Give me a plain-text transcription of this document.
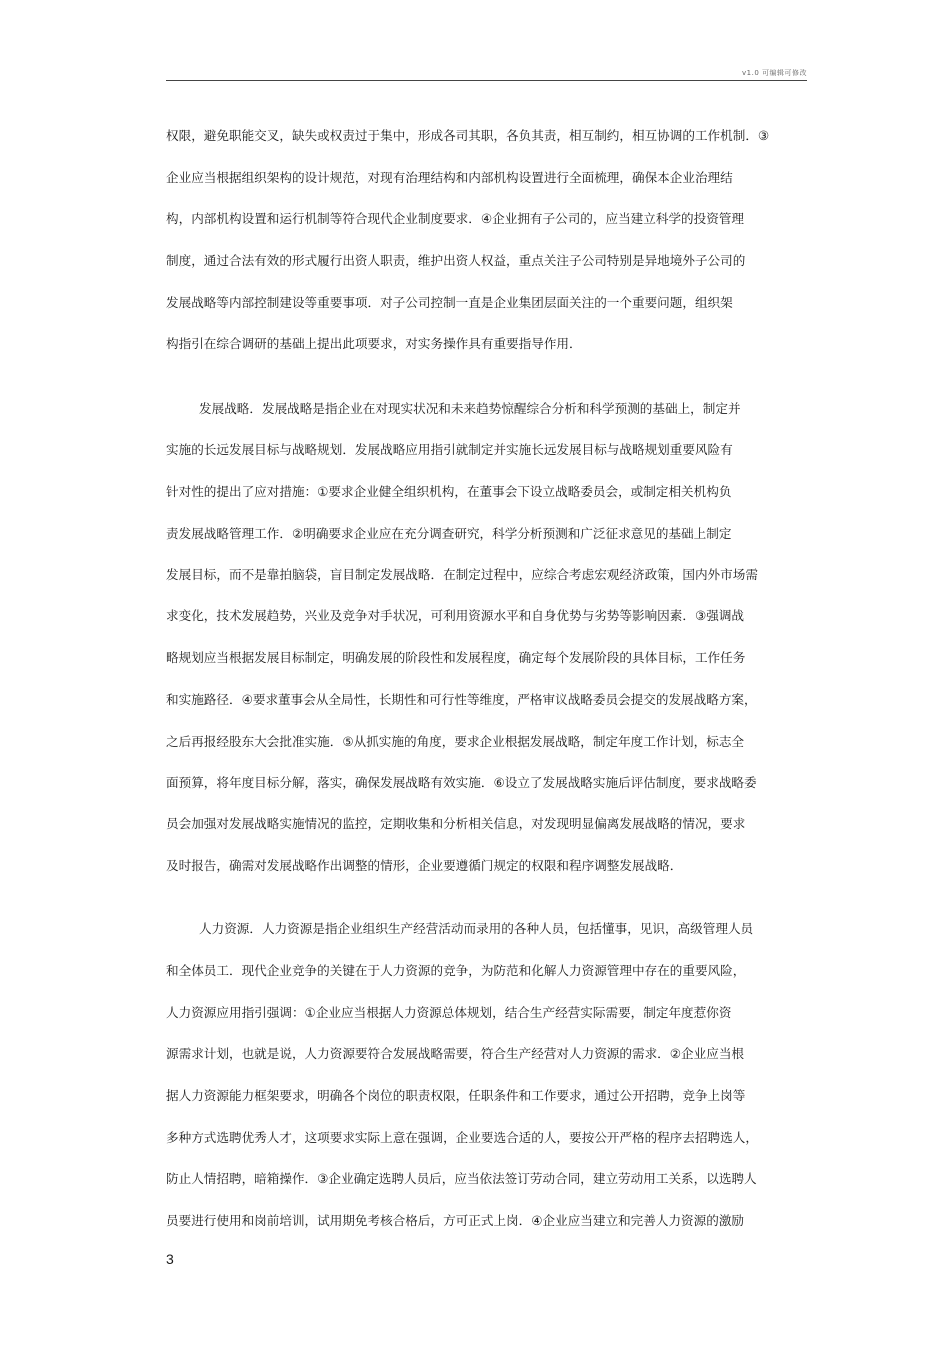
v1.0 可编辑可修改
权限，避免职能交叉，缺失或权责过于集中，形成各司其职，各负其责，相互制约，相互协调的工作机制．③
企业应当根据组织架构的设计规范，对现有治理结构和内部机构设置进行全面梳理，确保本企业治理结
构，内部机构设置和运行机制等符合现代企业制度要求．④企业拥有子公司的，应当建立科学的投资管理
制度，通过合法有效的形式履行出资人职责，维护出资人权益，重点关注子公司特别是异地境外子公司的
发展战略等内部控制建设等重要事项．对子公司控制一直是企业集团层面关注的一个重要问题，组织架
构指引在综合调研的基础上提出此项要求，对实务操作具有重要指导作用．
发展战略．发展战略是指企业在对现实状况和未来趋势惊醒综合分析和科学预测的基础上，制定并
实施的长远发展目标与战略规划．发展战略应用指引就制定并实施长远发展目标与战略规划重要风险有
针对性的提出了应对措施：①要求企业健全组织机构，在董事会下设立战略委员会，或制定相关机构负
责发展战略管理工作．②明确要求企业应在充分调查研究，科学分析预测和广泛征求意见的基础上制定
发展目标，而不是靠拍脑袋，盲目制定发展战略．在制定过程中，应综合考虑宏观经济政策，国内外市场需
求变化，技术发展趋势，兴业及竞争对手状况，可利用资源水平和自身优势与劣势等影响因素．③强调战
略规划应当根据发展目标制定，明确发展的阶段性和发展程度，确定每个发展阶段的具体目标，工作任务
和实施路径．④要求董事会从全局性，长期性和可行性等维度，严格审议战略委员会提交的发展战略方案，
之后再报经股东大会批准实施．⑤从抓实施的角度，要求企业根据发展战略，制定年度工作计划，标志全
面预算，将年度目标分解，落实，确保发展战略有效实施．⑥设立了发展战略实施后评估制度，要求战略委
员会加强对发展战略实施情况的监控，定期收集和分析相关信息，对发现明显偏离发展战略的情况，要求
及时报告，确需对发展战略作出调整的情形，企业要遵循门规定的权限和程序调整发展战略．
人力资源．人力资源是指企业组织生产经营活动而录用的各种人员，包括懂事，见识，高级管理人员
和全体员工．现代企业竞争的关键在于人力资源的竞争，为防范和化解人力资源管理中存在的重要风险，
人力资源应用指引强调：①企业应当根据人力资源总体规划，结合生产经营实际需要，制定年度惹你资
源需求计划，也就是说，人力资源要符合发展战略需要，符合生产经营对人力资源的需求．②企业应当根
据人力资源能力框架要求，明确各个岗位的职责权限，任职条件和工作要求，通过公开招聘，竞争上岗等
多种方式选聘优秀人才，这项要求实际上意在强调，企业要选合适的人，要按公开严格的程序去招聘选人，
防止人情招聘，暗箱操作．③企业确定选聘人员后，应当依法签订劳动合同，建立劳动用工关系，以选聘人
员要进行使用和岗前培训，试用期免考核合格后，方可正式上岗．④企业应当建立和完善人力资源的激励
3
